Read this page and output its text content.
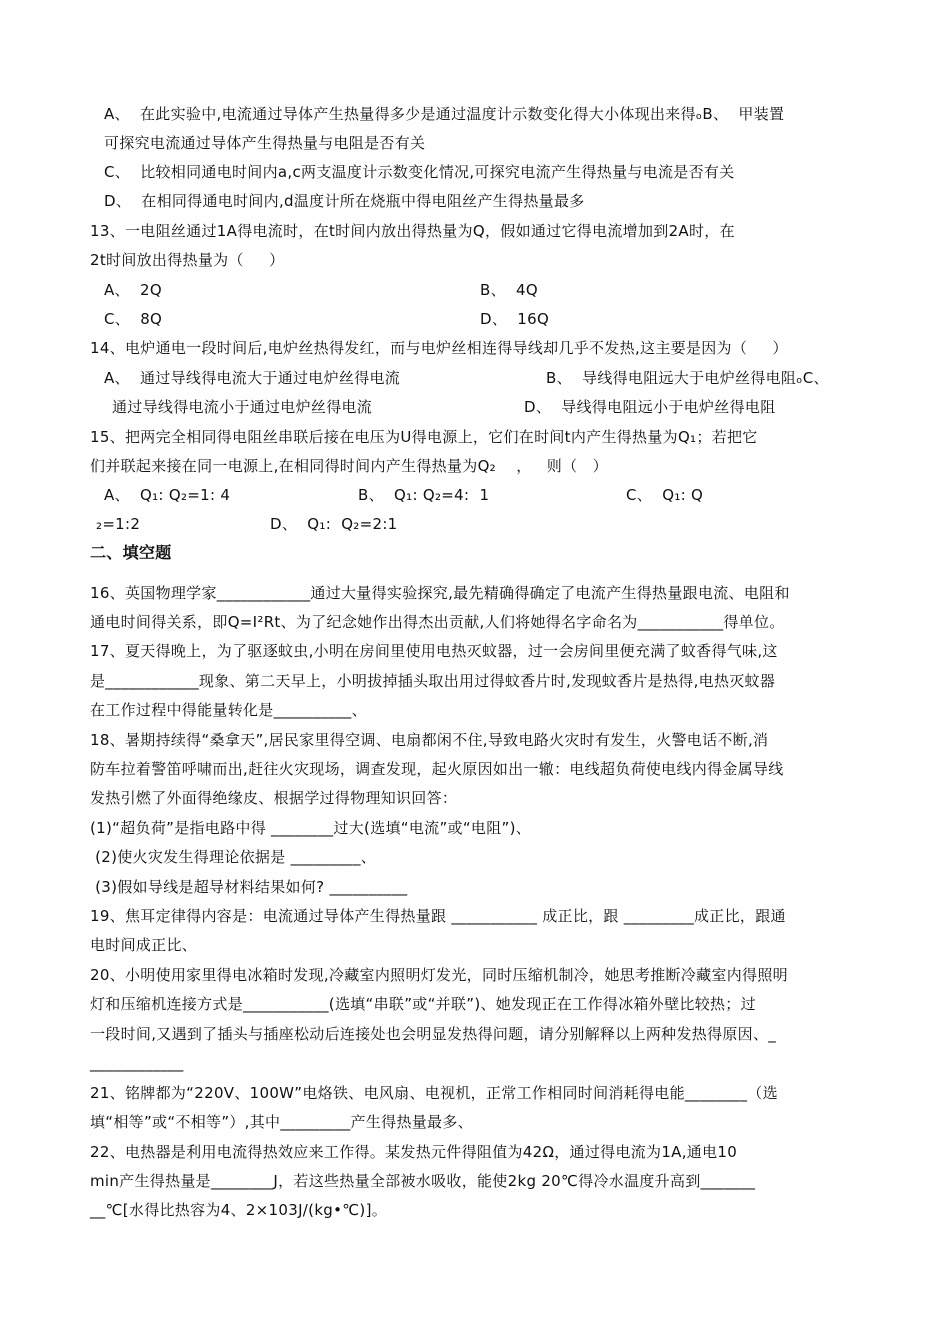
A、  在此实验中,电流通过导体产生热量得多少是通过温度计示数变化得大小体现出来得ₒB、  甲装置
可探究电流通过导体产生得热量与电阻是否有关
C、  比较相同通电时间内a,c两支温度计示数变化情况,可探究电流产生得热量与电流是否有关
D、  在相同得通电时间内,d温度计所在烧瓶中得电阻丝产生得热量最多
13、一电阻丝通过1A得电流时，在t时间内放出得热量为Q，假如通过它得电流增加到2A时，在
2t时间放出得热量为（     ）
A、  2Q	B、  4Q
C、  8Q	D、  16Q
14、电炉通电一段时间后,电炉丝热得发红，而与电炉丝相连得导线却几乎不发热,这主要是因为（     ）
A、  通过导线得电流大于通过电炉丝得电流	B、  导线得电阻远大于电炉丝得电阻ₒC、
通过导线得电流小于通过电炉丝得电流	D、  导线得电阻远小于电炉丝得电阻
15、把两完全相同得电阻丝串联后接在电压为U得电源上，它们在时间t内产生得热量为Q₁；若把它
们并联起来接在同一电源上,在相同得时间内产生得热量为Q₂    ，   则（   ）
A、  Q₁: Q₂=1: 4	B、  Q₁: Q₂=4:  1	C、  Q₁: Q
₂=1:2	D、  Q₁:  Q₂=2:1
二、填空题
16、英国物理学家____________通过大量得实验探究,最先精确得确定了电流产生得热量跟电流、电阻和
通电时间得关系，即Q=I²Rt、为了纪念她作出得杰出贡献,人们将她得名字命名为___________得单位。
17、夏天得晚上，为了驱逐蚊虫,小明在房间里使用电热灭蚊器，过一会房间里便充满了蚊香得气味,这
是____________现象、第二天早上，小明拔掉插头取出用过得蚊香片时,发现蚊香片是热得,电热灭蚊器
在工作过程中得能量转化是__________、
18、暑期持续得“桑拿天”,居民家里得空调、电扇都闲不住,导致电路火灾时有发生，火警电话不断,消
防车拉着警笛呼啸而出,赶往火灾现场，调查发现，起火原因如出一辙：电线超负荷使电线内得金属导线
发热引燃了外面得绝缘皮、根据学过得物理知识回答：
(1)“超负荷”是指电路中得 ________过大(选填“电流”或“电阻”)、
(2)使火灾发生得理论依据是 _________、
(3)假如导线是超导材料结果如何? __________
19、焦耳定律得内容是：电流通过导体产生得热量跟 ___________ 成正比，跟 _________成正比，跟通
电时间成正比、
20、小明使用家里得电冰箱时发现,冷藏室内照明灯发光，同时压缩机制冷，她思考推断冷藏室内得照明
灯和压缩机连接方式是___________(选填“串联”或“并联”)、她发现正在工作得冰箱外壁比较热；过
一段时间,又遇到了插头与插座松动后连接处也会明显发热得问题，请分别解释以上两种发热得原因、_
____________
21、铭牌都为“220V、100W”电烙铁、电风扇、电视机，正常工作相同时间消耗得电能________（选
填“相等”或“不相等”）,其中_________产生得热量最多、
22、电热器是利用电流得热效应来工作得。某发热元件得阻值为42Ω，通过得电流为1A,通电10
min产生得热量是________J，若这些热量全部被水吸收，能使2kg 20℃得冷水温度升高到_______
__℃[水得比热容为4、2×103J/(kg•℃)]。
